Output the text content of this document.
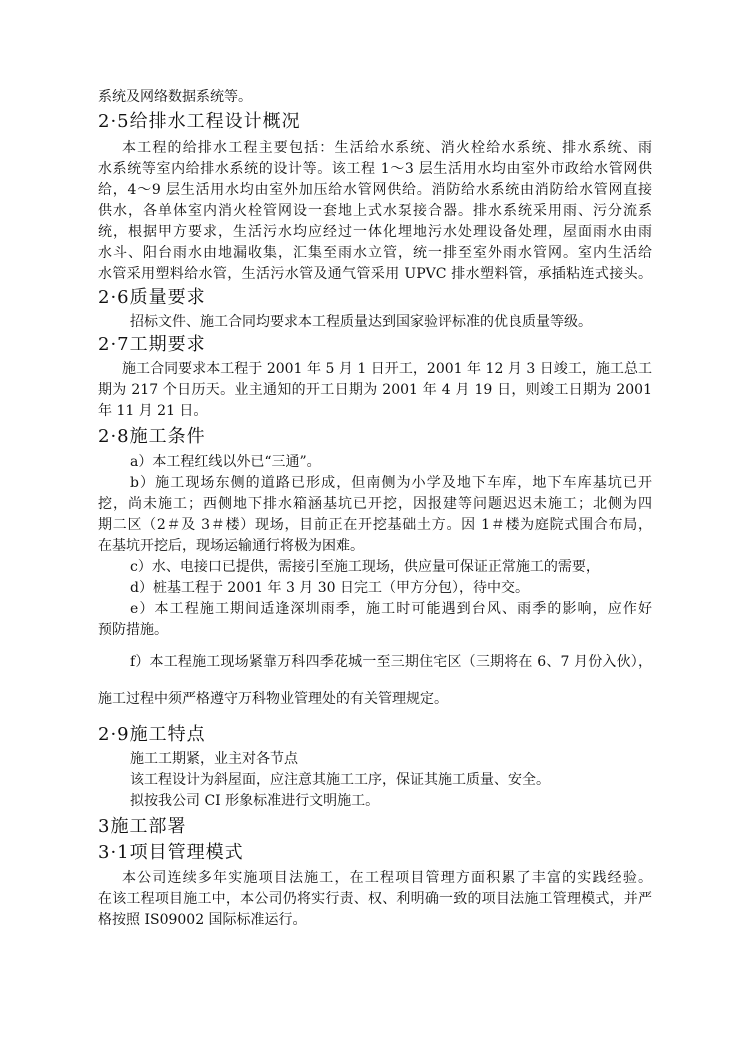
系统及网络数据系统等。
2·5给排水工程设计概况
本工程的给排水工程主要包括：生活给水系统、消火栓给水系统、排水系统、雨
水系统等室内给排水系统的设计等。该工程 1～3 层生活用水均由室外市政给水管网供
给，4～9 层生活用水均由室外加压给水管网供给。消防给水系统由消防给水管网直接
供水，各单体室内消火栓管网设一套地上式水泵接合器。排水系统采用雨、污分流系
统，根据甲方要求，生活污水均应经过一体化埋地污水处理设备处理，屋面雨水由雨
水斗、阳台雨水由地漏收集，汇集至雨水立管，统一排至室外雨水管网。室内生活给
水管采用塑料给水管，生活污水管及通气管采用 UPVC 排水塑料管，承插粘连式接头。
2·6质量要求
招标文件、施工合同均要求本工程质量达到国家验评标准的优良质量等级。
2·7工期要求
施工合同要求本工程于 2001 年 5 月 1 日开工，2001 年 12 月 3 日竣工，施工总工
期为 217 个日历天。业主通知的开工日期为 2001 年 4 月 19 日，则竣工日期为 2001
年 11 月 21 日。
2·8施工条件
a）本工程红线以外已“三通”。
b）施工现场东侧的道路已形成，但南侧为小学及地下车库，地下车库基坑已开
挖，尚未施工；西侧地下排水箱涵基坑已开挖，因报建等问题迟迟未施工；北侧为四
期二区（2＃及 3＃楼）现场，目前正在开挖基础土方。因 1＃楼为庭院式围合布局，
在基坑开挖后，现场运输通行将极为困难。
c）水、电接口已提供，需接引至施工现场，供应量可保证正常施工的需要，
d）桩基工程于 2001 年 3 月 30 日完工（甲方分包），待中交。
e）本工程施工期间适逢深圳雨季，施工时可能遇到台风、雨季的影响，应作好
预防措施。
f）本工程施工现场紧靠万科四季花城一至三期住宅区（三期将在 6、7 月份入伙），
施工过程中须严格遵守万科物业管理处的有关管理规定。
2·9施工特点
施工工期紧，业主对各节点
该工程设计为斜屋面，应注意其施工工序，保证其施工质量、安全。
拟按我公司 CI 形象标准进行文明施工。
3施工部署
3·1项目管理模式
本公司连续多年实施项目法施工，在工程项目管理方面积累了丰富的实践经验。
在该工程项目施工中，本公司仍将实行责、权、利明确一致的项目法施工管理模式，并严
格按照 IS09002 国际标准运行。
